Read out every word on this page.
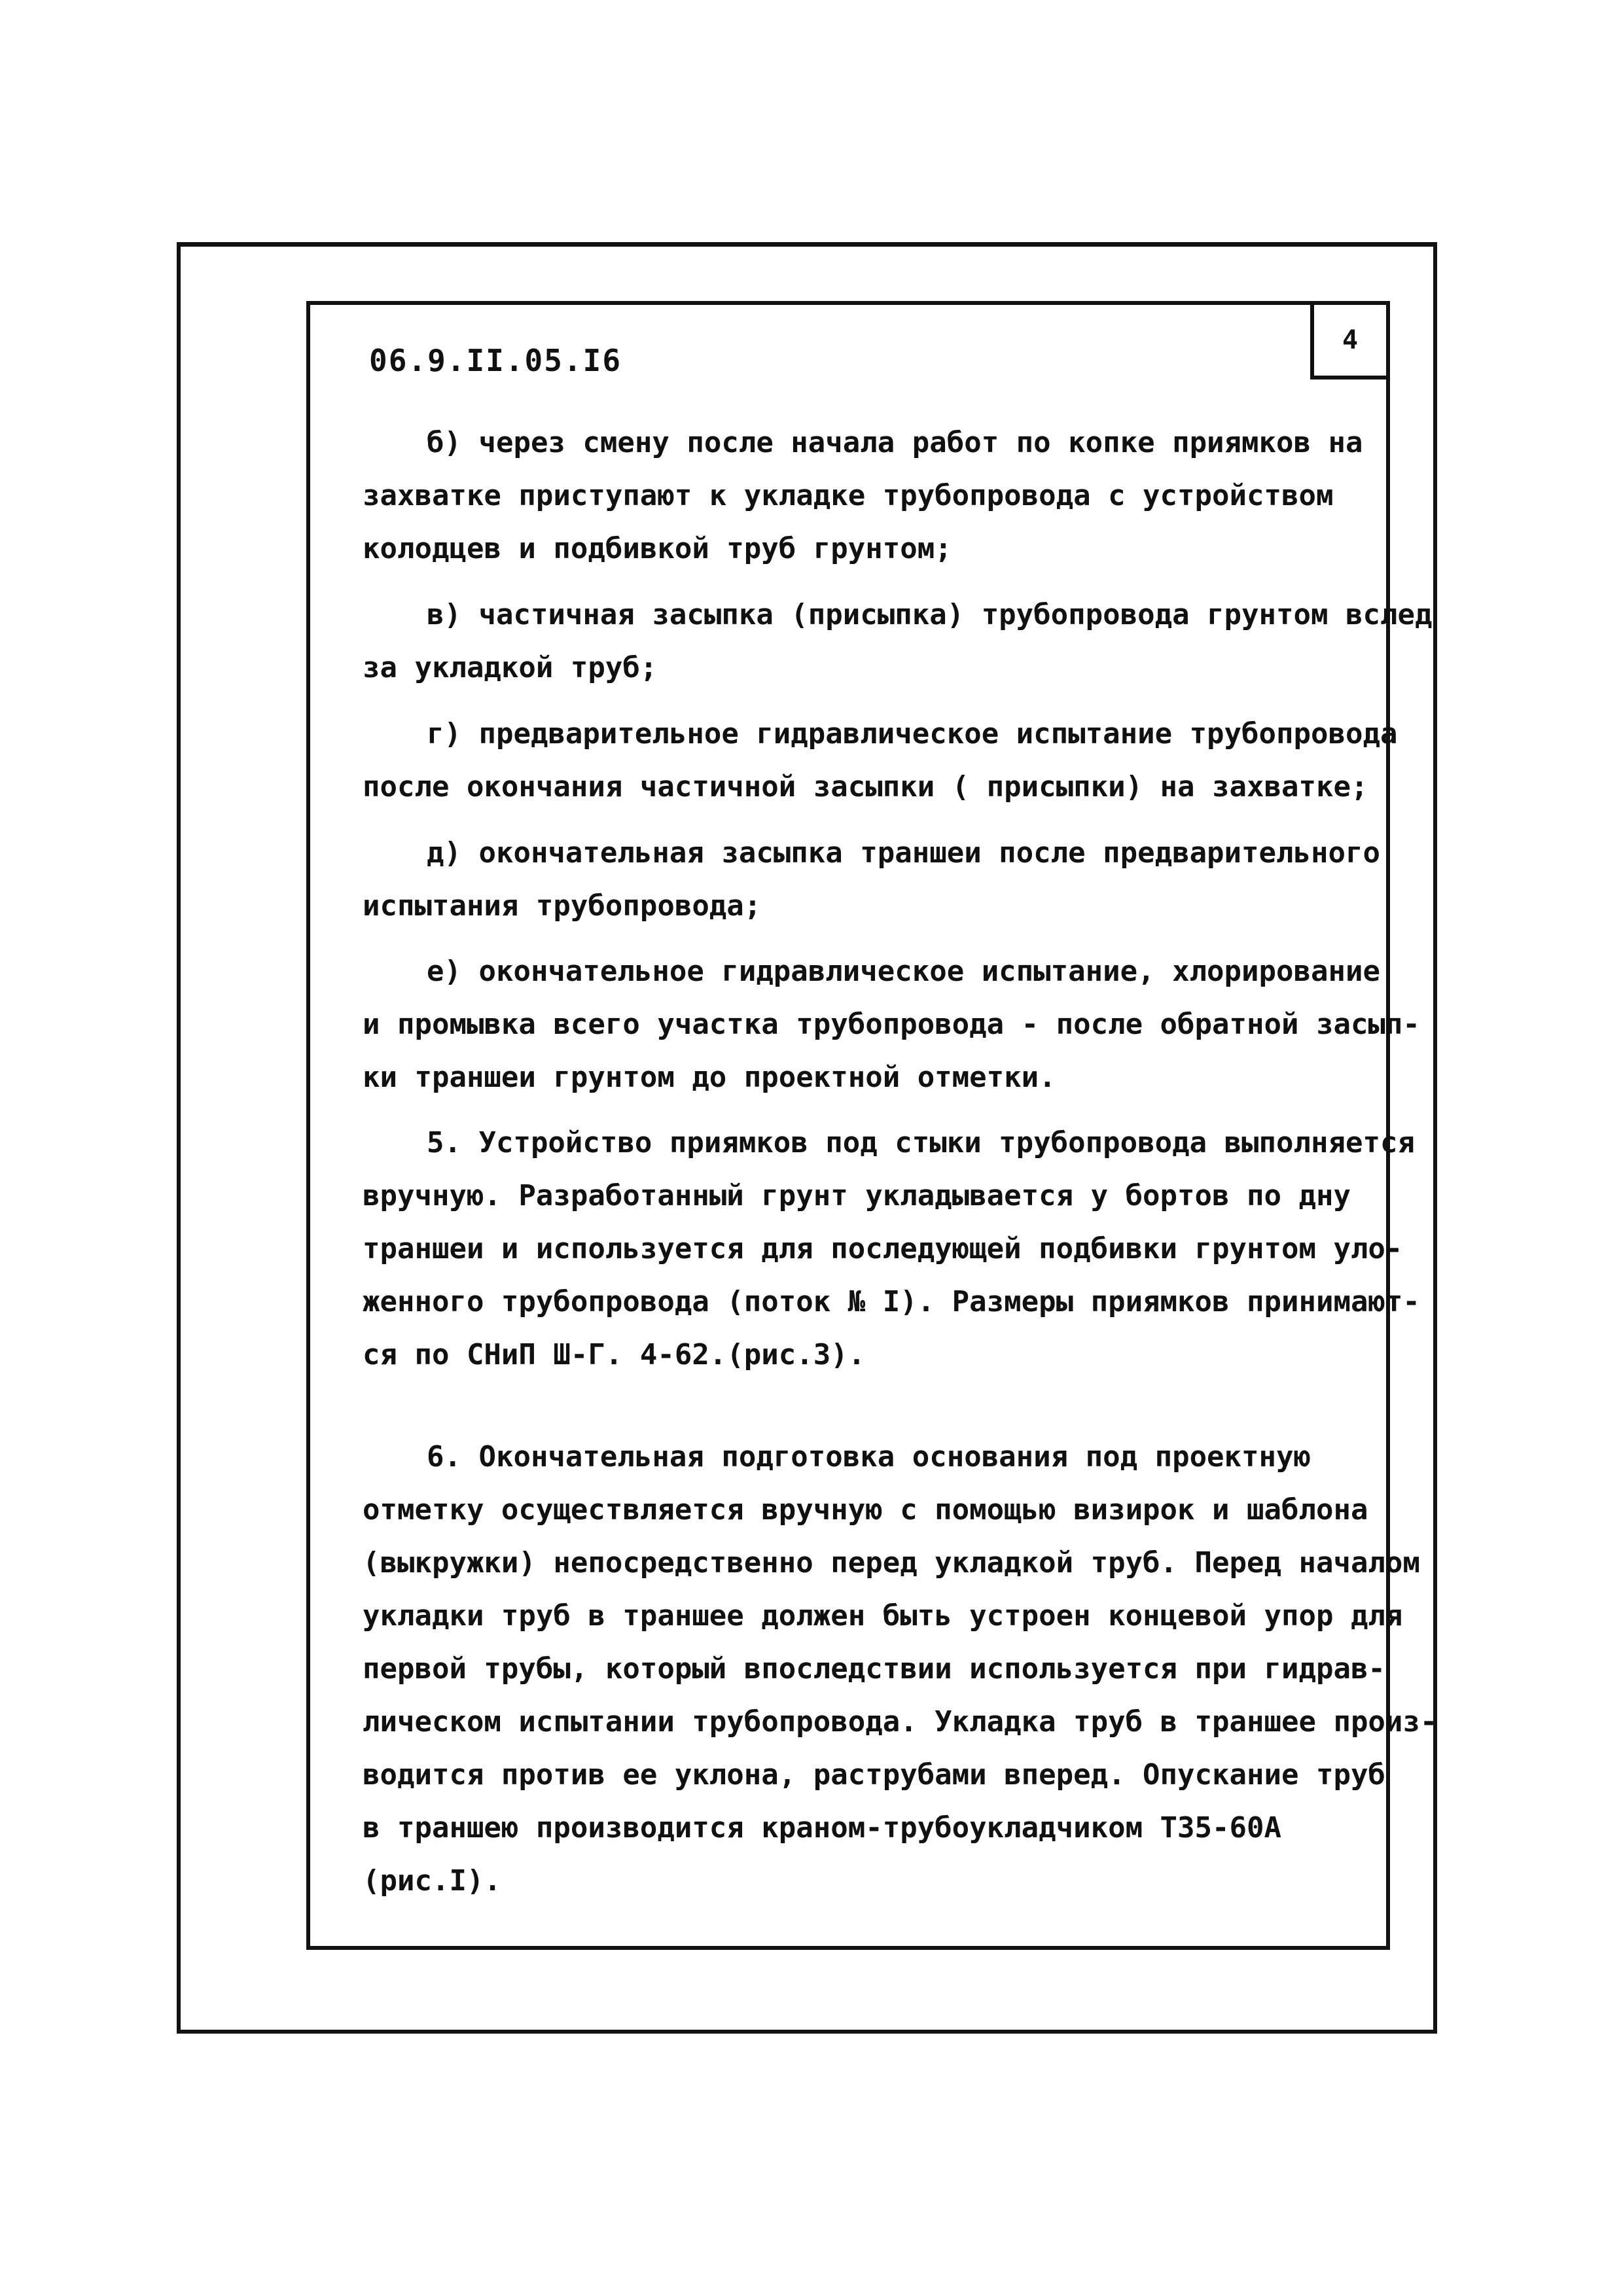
4
06.9.II.05.I6
б) через смену после начала работ по копке приямков на
захватке приступают к укладке трубопровода с устройством
колодцев и подбивкой труб грунтом;
в) частичная засыпка (присыпка) трубопровода грунтом вслед
за укладкой труб;
г) предварительное гидравлическое испытание трубопровода
после окончания частичной засыпки ( присыпки) на захватке;
д) окончательная засыпка траншеи после предварительного
испытания трубопровода;
е) окончательное гидравлическое испытание, хлорирование
и промывка всего участка трубопровода - после обратной засып-
ки траншеи грунтом до проектной отметки.
5. Устройство приямков под стыки трубопровода выполняется
вручную. Разработанный грунт укладывается у бортов по дну
траншеи и используется для последующей подбивки грунтом уло-
женного трубопровода (поток № I). Размеры приямков принимают-
ся по СНиП Ш-Г. 4-62.(рис.3).
6. Окончательная подготовка основания под проектную
отметку осуществляется вручную с помощью визирок и шаблона
(выкружки) непосредственно перед укладкой труб. Перед началом
укладки труб в траншее должен быть устроен концевой упор для
первой трубы, который впоследствии используется при гидрав-
лическом испытании трубопровода. Укладка труб в траншее произ-
водится против ее уклона, раструбами вперед. Опускание труб
в траншею производится краном-трубоукладчиком Т35-60А
(рис.I).
